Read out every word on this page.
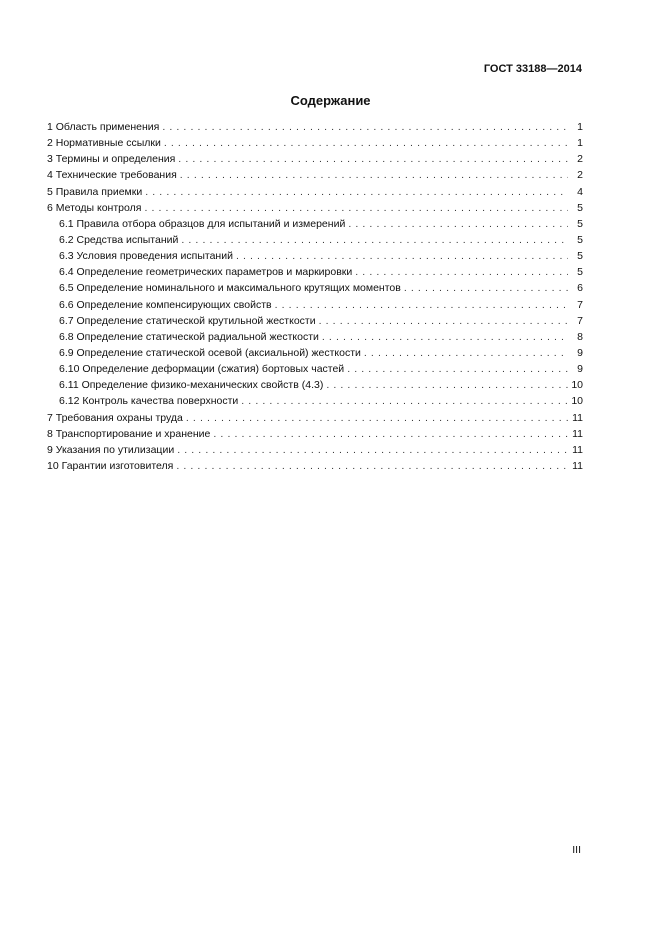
ГОСТ 33188—2014
Содержание
1 Область применения . . .	1
2 Нормативные ссылки . . .	1
3 Термины и определения . . .	2
4 Технические требования . . .	2
5 Правила приемки . . .	4
6 Методы контроля . . .	5
6.1 Правила отбора образцов для испытаний и измерений . . .	5
6.2 Средства испытаний . . .	5
6.3 Условия проведения испытаний . . .	5
6.4 Определение геометрических параметров и маркировки . . .	5
6.5 Определение номинального и максимального крутящих моментов . . .	6
6.6 Определение компенсирующих свойств . . .	7
6.7 Определение статической крутильной жесткости . . .	7
6.8 Определение статической радиальной жесткости . . .	8
6.9 Определение статической осевой (аксиальной) жесткости . . .	9
6.10 Определение деформации (сжатия) бортовых частей . . .	9
6.11 Определение физико-механических свойств (4.3) . . .	10
6.12 Контроль качества поверхности . . .	10
7 Требования охраны труда . . .	11
8 Транспортирование и хранение . . .	11
9 Указания по утилизации . . .	11
10 Гарантии изготовителя . . .	11
III
